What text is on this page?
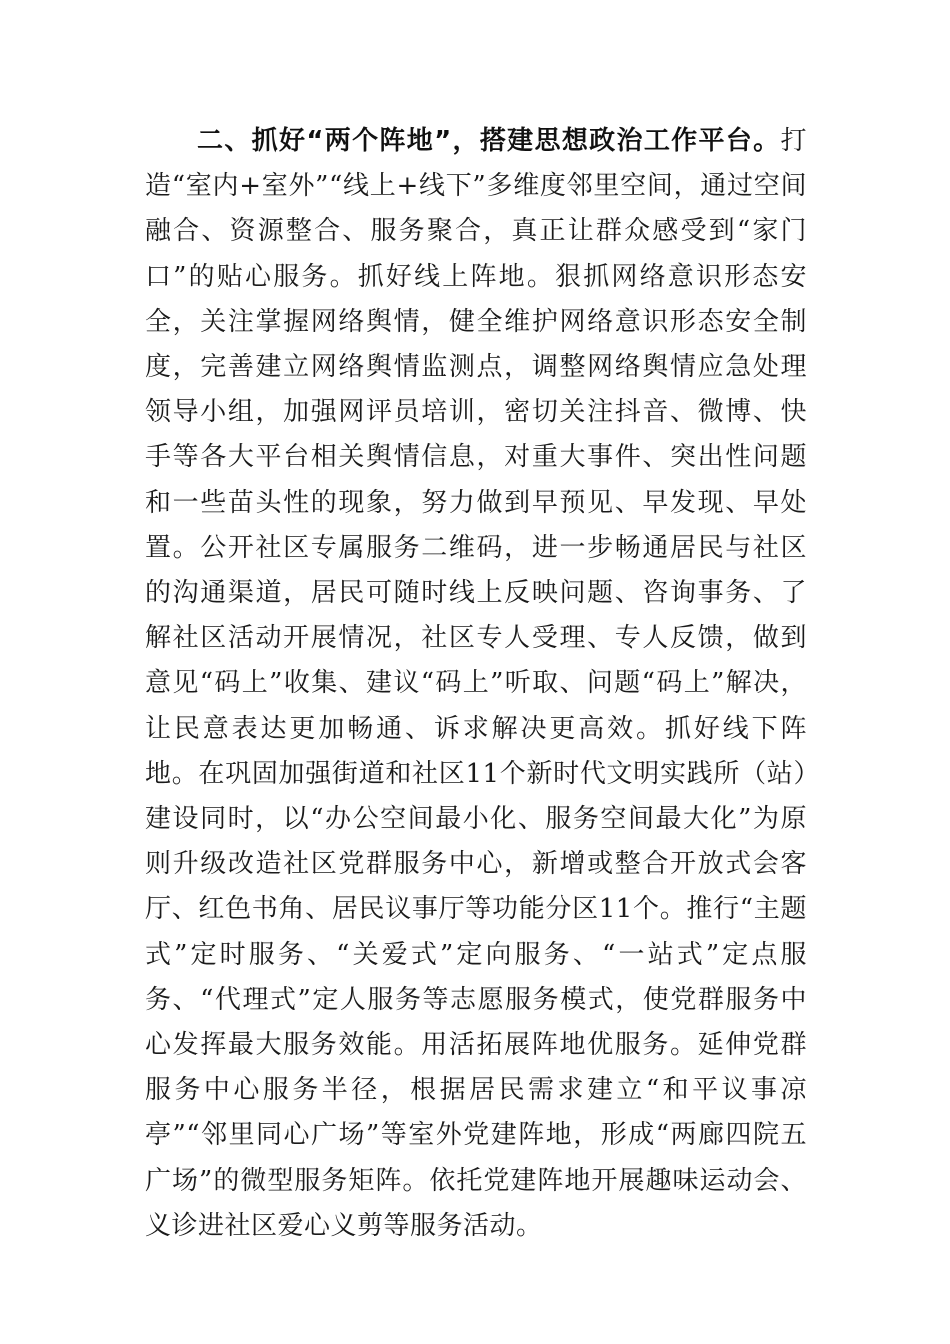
二、抓好“两个阵地”，搭建思想政治工作平台。打造“室内+室外”“线上+线下”多维度邻里空间，通过空间融合、资源整合、服务聚合，真正让群众感受到“家门口”的贴心服务。抓好线上阵地。狠抓网络意识形态安全，关注掌握网络舆情，健全维护网络意识形态安全制度，完善建立网络舆情监测点，调整网络舆情应急处理领导小组，加强网评员培训，密切关注抖音、微博、快手等各大平台相关舆情信息，对重大事件、突出性问题和一些苗头性的现象，努力做到早预见、早发现、早处置。公开社区专属服务二维码，进一步畅通居民与社区的沟通渠道，居民可随时线上反映问题、咨询事务、了解社区活动开展情况，社区专人受理、专人反馈，做到意见“码上”收集、建议“码上”听取、问题“码上”解决，让民意表达更加畅通、诉求解决更高效。抓好线下阵地。在巩固加强街道和社区11个新时代文明实践所（站）建设同时，以“办公空间最小化、服务空间最大化”为原则升级改造社区党群服务中心，新增或整合开放式会客厅、红色书角、居民议事厅等功能分区11个。推行“主题式”定时服务、“关爱式”定向服务、“一站式”定点服务、“代理式”定人服务等志愿服务模式，使党群服务中心发挥最大服务效能。用活拓展阵地优服务。延伸党群服务中心服务半径，根据居民需求建立“和平议事凉亭”“邻里同心广场”等室外党建阵地，形成“两廊四院五广场”的微型服务矩阵。依托党建阵地开展趣味运动会、义诊进社区爱心义剪等服务活动。
